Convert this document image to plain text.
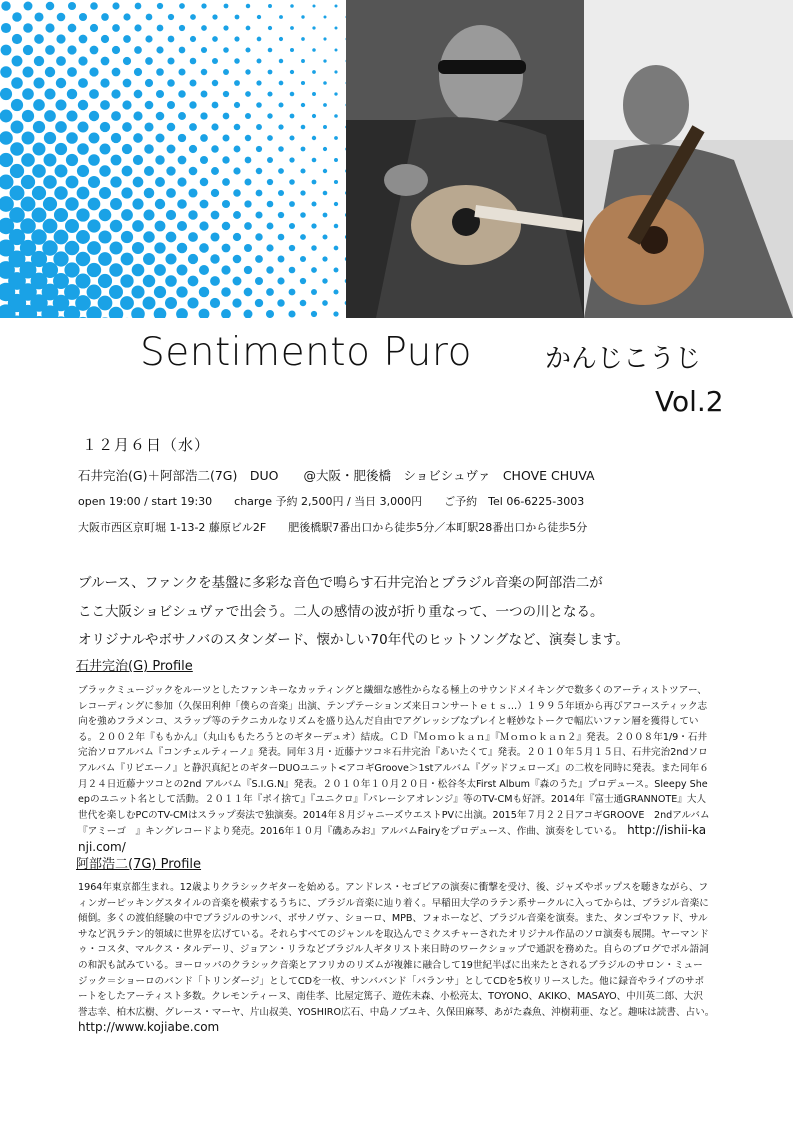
Sentimento Puro	かんじこうじ
Vol.2
１２月６日（水）
石井完治(G)＋阿部浩二(7G)　DUO　　@大阪・肥後橋　ショビシュヴァ　CHOVE CHUVA
open 19:00 / start 19:30　　charge 予約 2,500円 / 当日 3,000円　　ご予約　Tel 06-6225-3003
大阪市西区京町堀 1-13-2 藤原ビル2F　　肥後橋駅7番出口から徒歩5分／本町駅28番出口から徒歩5分
ブルース、ファンクを基盤に多彩な音色で鳴らす石井完治とブラジル音楽の阿部浩二が
ここ大阪ショビシュヴァで出会う。二人の感情の波が折り重なって、一つの川となる。
オリジナルやボサノバのスタンダード、懐かしい70年代のヒットソングなど、演奏します。
石井完治(G) Profile
ブラックミュージックをルーツとしたファンキーなカッティングと繊細な感性からなる極上のサウンドメイキングで数多くのアーティストツアー、レコーディングに参加（久保田利伸「僕らの音楽」出演、テンプテーションズ来日コンサートｅｔｓ…）１９９５年頃から再びアコースティック志向を強めフラメンコ、スラップ等のテクニカルなリズムを盛り込んだ自由でアグレッシブなプレイと軽妙なトークで幅広いファン層を獲得している。２００２年『ももかん』（丸山ももたろうとのギターデュオ）結成。ＣＤ『Ｍｏｍｏｋａｎ』『Ｍｏｍｏｋａｎ２』発表。２００８年1/9・石井完治ソロアルバム『コンチェルティーノ』発表。同年３月・近藤ナツコ＊石井完治『あいたくて』発表。２０１０年５月１５日、石井完治2ndソロアルバム『リビエーノ』と静沢真紀とのギターDUOユニット<アコギGroove＞1stアルバム『グッドフェローズ』の二枚を同時に発表。また同年６月２４日近藤ナツコとの2nd アルバム『S.I.G.N』発表。２０１０年１０月２０日・松谷冬太First Album『森のうた』プロデュース。Sleepy Sheepのユニット名として活動。２０１１年『ポイ捨て』『ユニクロ』『パレーシアオレンジ』等のTV-CMも好評。2014年『富士通GRANNOTE』大人世代を楽しむPCのTV-CMはスラップ奏法で独演奏。2014年８月ジャニーズウエストPVに出演。2015年７月２２日アコギGROOVE　2ndアルバム『アミーゴ　』キングレコードより発売。2016年１０月『磯あみお』アルバムFairyをプロデュース、作曲、演奏をしている。　 http://ishii-kanji.com/
阿部浩二(7G) Profile
1964年東京都生まれ。12歳よりクラシックギターを始める。アンドレス・セゴビアの演奏に衝撃を受け、後、ジャズやポップスを聴きながら、フィンガーピッキングスタイルの音楽を模索するうちに、ブラジル音楽に辿り着く。早稲田大学のラテン系サークルに入ってからは、ブラジル音楽に傾倒。多くの渡伯経験の中でブラジルのサンバ、ボサノヴァ、ショーロ、MPB、フォホーなど、ブラジル音楽を演奏。また、タンゴやファド、サルサなど汎ラテン的領域に世界を広げている。それらすべてのジャンルを取込んでミクスチャーされたオリジナル作品のソロ演奏も展開。ヤーマンドゥ・コスタ、マルクス・タルデーリ、ジョアン・リラなどブラジル人ギタリスト来日時のワークショップで通訳を務めた。自らのブログでポル語詞の和訳も試みている。ヨーロッパのクラシック音楽とアフリカのリズムが複雑に融合して19世紀半ばに出来たとされるブラジルのサロン・ミュージック＝ショーロのバンド「トリンダージ」としてCDを一枚、サンババンド「バランサ」としてCDを5枚リリースした。他に録音やライブのサポートをしたアーティスト多数。クレモンティーヌ、南佳孝、比屋定篤子、遊佐未森、小松亮太、TOYONO、AKIKO、MASAYO、中川英二郎、大沢誉志幸、柏木広樹、グレース・マーヤ、片山叔美、YOSHIRO広石、中島ノブユキ、久保田麻琴、あがた森魚、沖樹莉亜、など。趣味は読書、占い。　http://www.kojiabe.com
